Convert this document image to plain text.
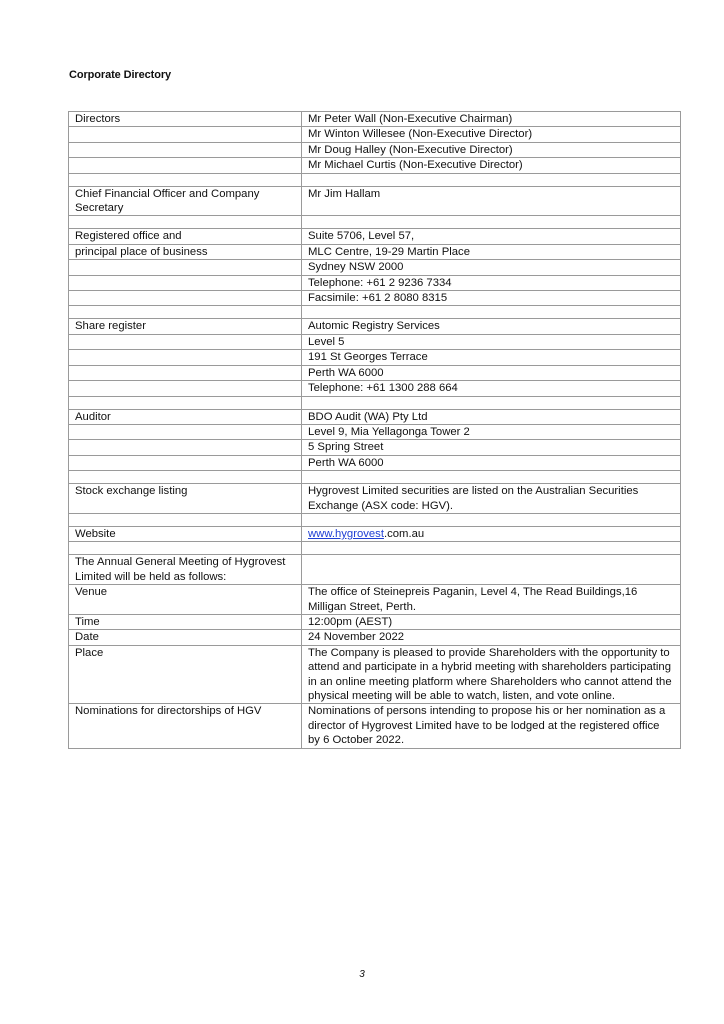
Corporate Directory
Directors	Mr Peter Wall (Non-Executive Chairman)
	Mr Winton Willesee (Non-Executive Director)
	Mr Doug Halley (Non-Executive Director)
	Mr Michael Curtis (Non-Executive Director)

Chief Financial Officer and Company Secretary	Mr Jim Hallam

Registered office and	Suite 5706, Level 57,
principal place of business	MLC Centre, 19-29 Martin Place
	Sydney NSW 2000
	Telephone: +61 2 9236 7334
	Facsimile: +61 2 8080 8315

Share register	Automic Registry Services
	Level 5
	191 St Georges Terrace
	Perth WA 6000
	Telephone: +61 1300 288 664

Auditor	BDO Audit (WA) Pty Ltd
	Level 9, Mia Yellagonga Tower 2
	5 Spring Street
	Perth WA 6000

Stock exchange listing	Hygrovest Limited securities are listed on the Australian Securities Exchange (ASX code: HGV).

Website	www.hygrovest.com.au

The Annual General Meeting of Hygrovest Limited will be held as follows:	
Venue	The office of Steinepreis Paganin, Level 4, The Read Buildings,16 Milligan Street, Perth.
Time	12:00pm (AEST)
Date	24 November 2022
Place	The Company is pleased to provide Shareholders with the opportunity to attend and participate in a hybrid meeting with shareholders participating in an online meeting platform where Shareholders who cannot attend the physical meeting will be able to watch, listen, and vote online.
Nominations for directorships of HGV	Nominations of persons intending to propose his or her nomination as a director of Hygrovest Limited have to be lodged at the registered office by 6 October 2022.
3
